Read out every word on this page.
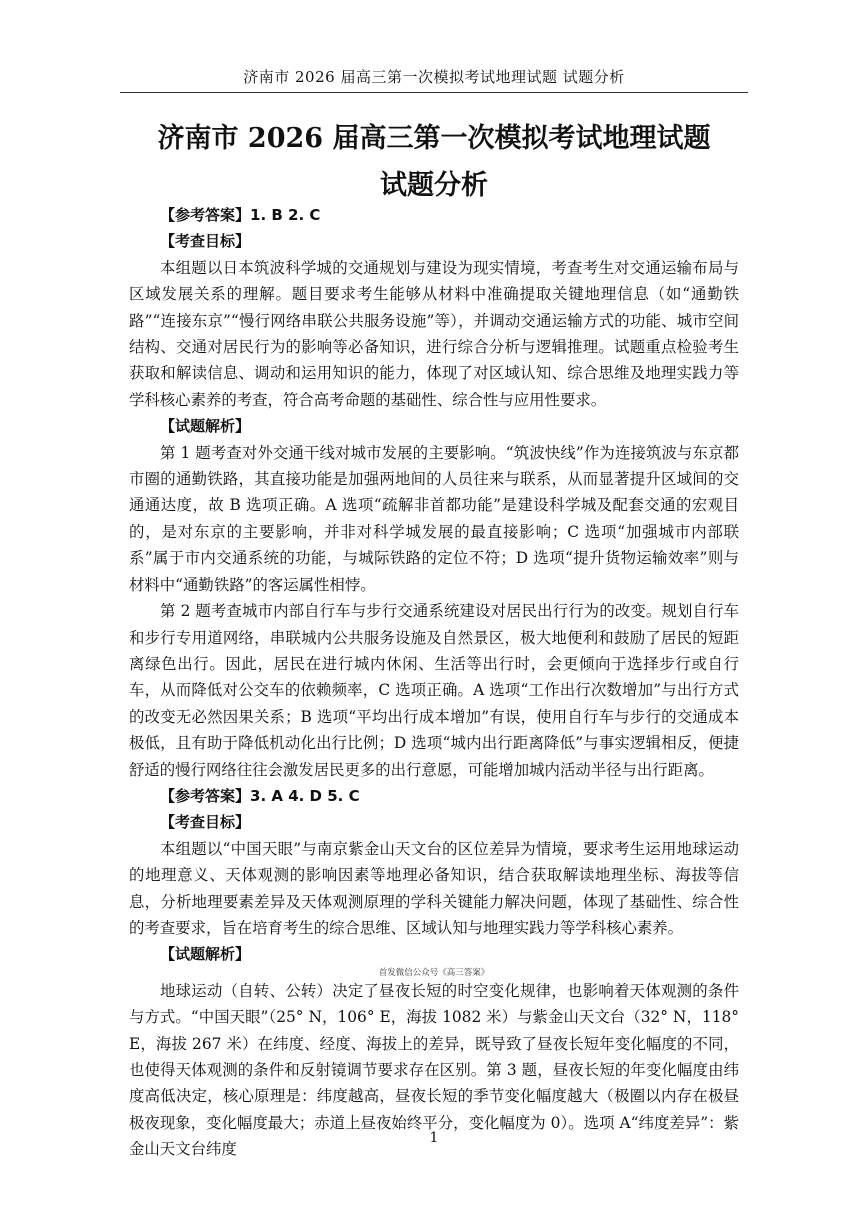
济南市 2026 届高三第一次模拟考试地理试题 试题分析
济南市 2026 届高三第一次模拟考试地理试题
试题分析

【参考答案】1. B 2. C

【考查目标】

本组题以日本筑波科学城的交通规划与建设为现实情境，考查考生对交通运输布局与区域发展关系的理解。题目要求考生能够从材料中准确提取关键地理信息（如“通勤铁路”“连接东京”“慢行网络串联公共服务设施”等），并调动交通运输方式的功能、城市空间结构、交通对居民行为的影响等必备知识，进行综合分析与逻辑推理。试题重点检验考生获取和解读信息、调动和运用知识的能力，体现了对区域认知、综合思维及地理实践力等学科核心素养的考查，符合高考命题的基础性、综合性与应用性要求。

【试题解析】

第 1 题考查对外交通干线对城市发展的主要影响。“筑波快线”作为连接筑波与东京都市圈的通勤铁路，其直接功能是加强两地间的人员往来与联系，从而显著提升区域间的交通通达度，故 B 选项正确。A 选项“疏解非首都功能”是建设科学城及配套交通的宏观目的，是对东京的主要影响，并非对科学城发展的最直接影响；C 选项“加强城市内部联系”属于市内交通系统的功能，与城际铁路的定位不符；D 选项“提升货物运输效率”则与材料中“通勤铁路”的客运属性相悖。

第 2 题考查城市内部自行车与步行交通系统建设对居民出行行为的改变。规划自行车和步行专用道网络，串联城内公共服务设施及自然景区，极大地便利和鼓励了居民的短距离绿色出行。因此，居民在进行城内休闲、生活等出行时，会更倾向于选择步行或自行车，从而降低对公交车的依赖频率，C 选项正确。A 选项“工作出行次数增加”与出行方式的改变无必然因果关系；B 选项“平均出行成本增加”有误，使用自行车与步行的交通成本极低，且有助于降低机动化出行比例；D 选项“城内出行距离降低”与事实逻辑相反，便捷舒适的慢行网络往往会激发居民更多的出行意愿，可能增加城内活动半径与出行距离。

【参考答案】3. A 4. D 5. C

【考查目标】

本组题以“中国天眼”与南京紫金山天文台的区位差异为情境，要求考生运用地球运动的地理意义、天体观测的影响因素等地理必备知识，结合获取解读地理坐标、海拔等信息，分析地理要素差异及天体观测原理的学科关键能力解决问题，体现了基础性、综合性的考查要求，旨在培育考生的综合思维、区域认知与地理实践力等学科核心素养。

【试题解析】

首发微信公众号《高三答案》

地球运动（自转、公转）决定了昼夜长短的时空变化规律，也影响着天体观测的条件与方式。“中国天眼”（25° N，106° E，海拔 1082 米）与紫金山天文台（32° N，118° E，海拔 267 米）在纬度、经度、海拔上的差异，既导致了昼夜长短年变化幅度的不同，也使得天体观测的条件和反射镜调节要求存在区别。第 3 题，昼夜长短的年变化幅度由纬度高低决定，核心原理是：纬度越高，昼夜长短的季节变化幅度越大（极圈以内存在极昼极夜现象，变化幅度最大；赤道上昼夜始终平分，变化幅度为 0）。选项 A“纬度差异”：紫金山天文台纬度

1
